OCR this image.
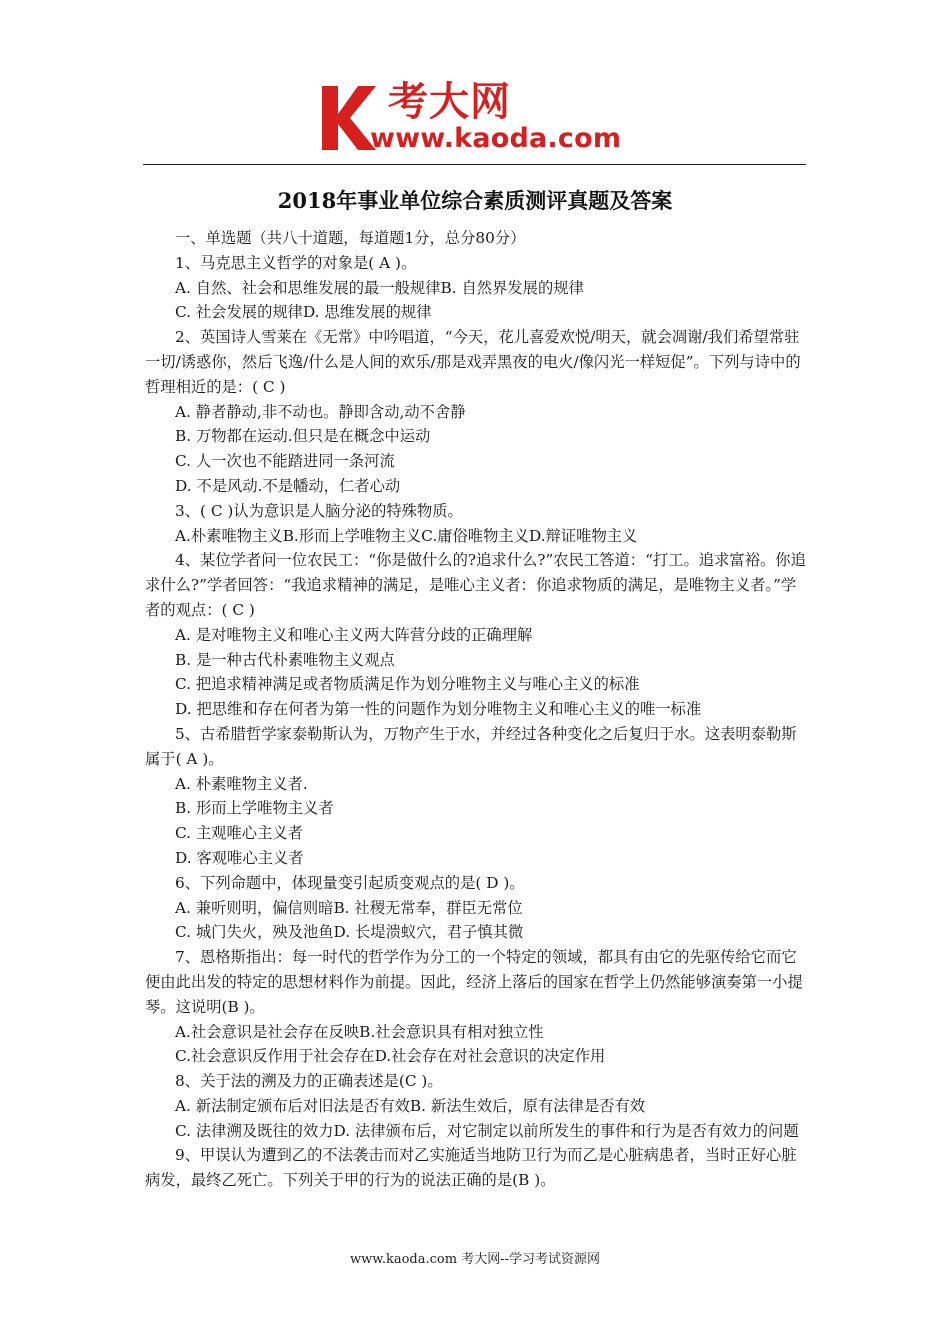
考大网
www.kaoda.com
2018年事业单位综合素质测评真题及答案

一、单选题（共八十道题，每道题1分，总分80分）

1、马克思主义哲学的对象是( A )。

A. 自然、社会和思维发展的最一般规律B. 自然界发展的规律

C. 社会发展的规律D. 思维发展的规律

2、英国诗人雪莱在《无常》中吟唱道，“今天，花儿喜爱欢悦/明天，就会凋谢/我们希望常驻一切/诱惑你，然后飞逸/什么是人间的欢乐/那是戏弄黑夜的电火/像闪光一样短促”。下列与诗中的哲理相近的是：( C )

A. 静者静动,非不动也。静即含动,动不舍静

B. 万物都在运动.但只是在概念中运动

C. 人一次也不能踏进同一条河流

D. 不是风动.不是幡动，仁者心动

3、( C )认为意识是人脑分泌的特殊物质。

A.朴素唯物主义B.形而上学唯物主义C.庸俗唯物主义D.辩证唯物主义

4、某位学者问一位农民工：“你是做什么的?追求什么?”农民工答道：“打工。追求富裕。你追求什么?”学者回答：“我追求精神的满足，是唯心主义者：你追求物质的满足，是唯物主义者。”学者的观点：( C )

A. 是对唯物主义和唯心主义两大阵营分歧的正确理解

B. 是一种古代朴素唯物主义观点

C. 把追求精神满足或者物质满足作为划分唯物主义与唯心主义的标准

D. 把思维和存在何者为第一性的问题作为划分唯物主义和唯心主义的唯一标准

5、古希腊哲学家泰勒斯认为，万物产生于水，并经过各种变化之后复归于水。这表明泰勒斯属于( A )。

A. 朴素唯物主义者.

B. 形而上学唯物主义者

C. 主观唯心主义者

D. 客观唯心主义者

6、下列命题中，体现量变引起质变观点的是( D )。

A. 兼听则明，偏信则暗B. 社稷无常奉，群臣无常位

C. 城门失火，殃及池鱼D. 长堤溃蚁穴，君子慎其微

7、恩格斯指出：每一时代的哲学作为分工的一个特定的领域，都具有由它的先驱传给它而它便由此出发的特定的思想材料作为前提。因此，经济上落后的国家在哲学上仍然能够演奏第一小提琴。这说明(B )。

A.社会意识是社会存在反映B.社会意识具有相对独立性

C.社会意识反作用于社会存在D.社会存在对社会意识的决定作用

8、关于法的溯及力的正确表述是(C )。

A. 新法制定颁布后对旧法是否有效B. 新法生效后，原有法律是否有效

C. 法律溯及既往的效力D. 法律颁布后，对它制定以前所发生的事件和行为是否有效力的问题

9、甲误认为遭到乙的不法袭击而对乙实施适当地防卫行为而乙是心脏病患者，当时正好心脏病发，最终乙死亡。下列关于甲的行为的说法正确的是(B )。

www.kaoda.com 考大网--学习考试资源网
